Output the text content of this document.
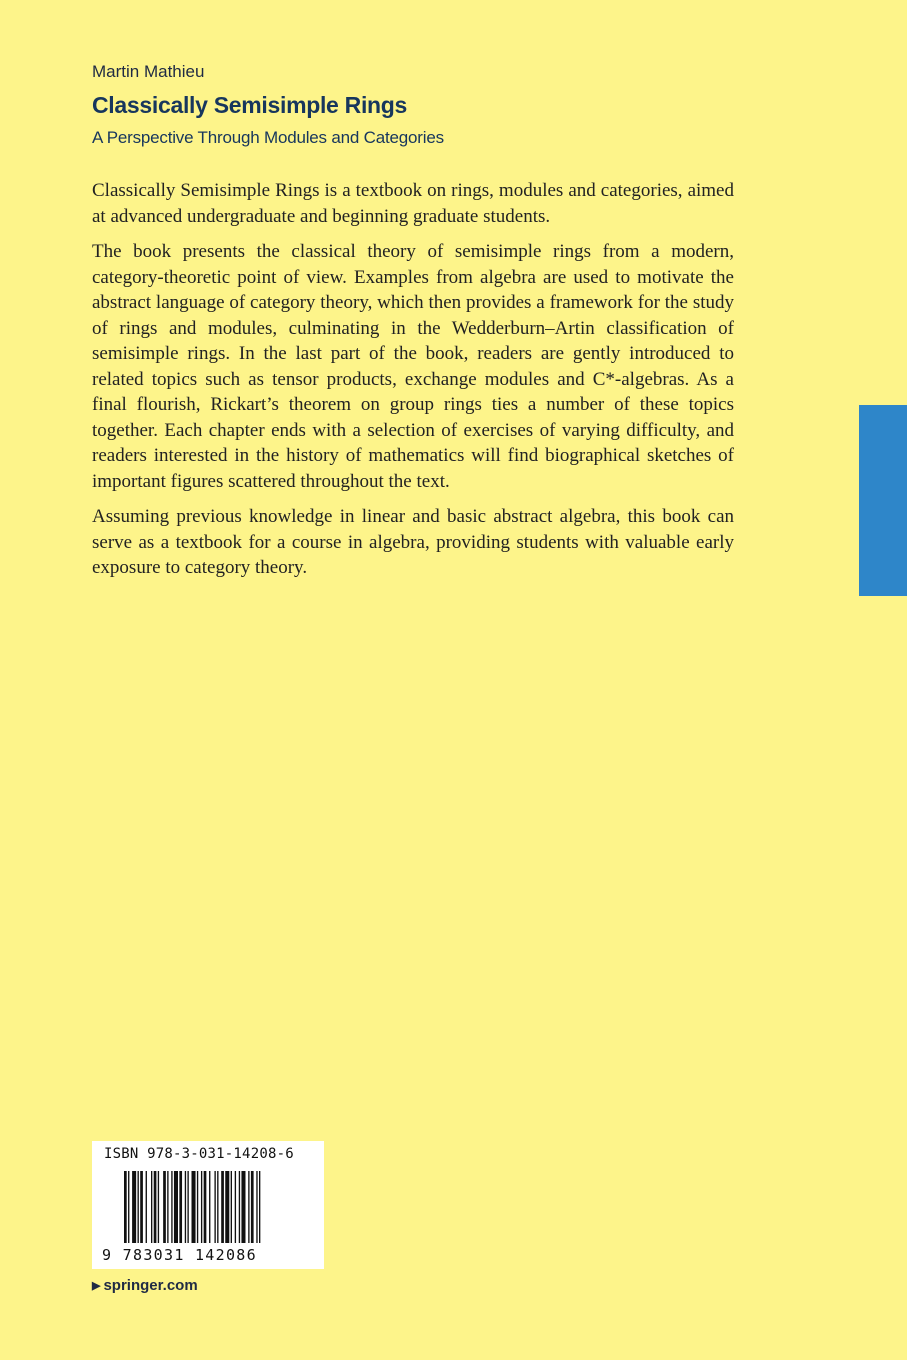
Martin Mathieu
Classically Semisimple Rings
A Perspective Through Modules and Categories

Classically Semisimple Rings is a textbook on rings, modules and categories, aimed at advanced undergraduate and beginning graduate students.

The book presents the classical theory of semisimple rings from a modern, category-theoretic point of view. Examples from algebra are used to motivate the abstract language of category theory, which then provides a framework for the study of rings and modules, culminating in the Wedderburn–Artin classification of semisimple rings. In the last part of the book, readers are gently introduced to related topics such as tensor products, exchange modules and C*-algebras. As a final flourish, Rickart’s theorem on group rings ties a number of these topics together. Each chapter ends with a selection of exercises of varying difficulty, and readers interested in the history of mathematics will find biographical sketches of important figures scattered throughout the text.

Assuming previous knowledge in linear and basic abstract algebra, this book can serve as a textbook for a course in algebra, providing students with valuable early exposure to category theory.

ISBN 978-3-031-14208-6
9 783031 142086
▶ springer.com
